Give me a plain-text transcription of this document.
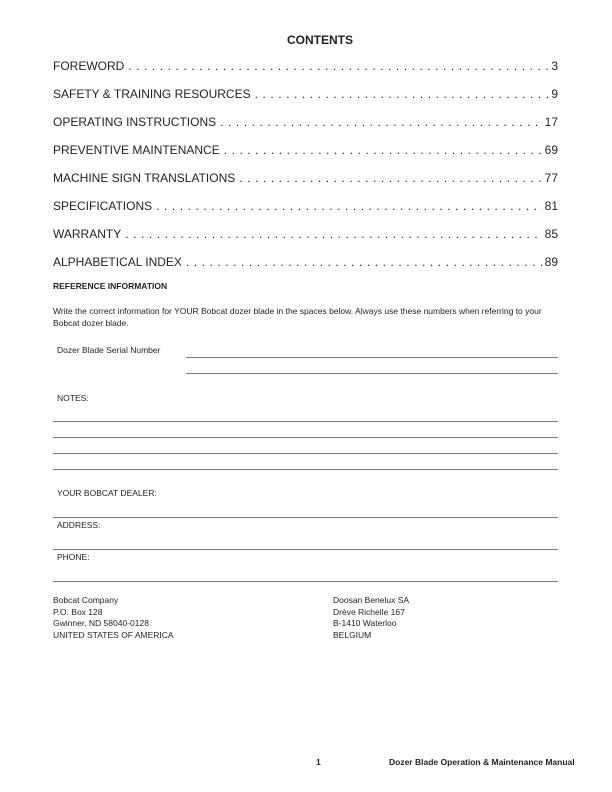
CONTENTS
FOREWORD . . .	3
SAFETY & TRAINING RESOURCES . . .	9
OPERATING INSTRUCTIONS . . .	17
PREVENTIVE MAINTENANCE . . .	69
MACHINE SIGN TRANSLATIONS . . .	77
SPECIFICATIONS . . .	81
WARRANTY . . .	85
ALPHABETICAL INDEX . . .	89
REFERENCE INFORMATION
Write the correct information for YOUR Bobcat dozer blade in the spaces below. Always use these numbers when referring to your Bobcat dozer blade.
Dozer Blade Serial Number
NOTES:
YOUR BOBCAT DEALER:
ADDRESS:
PHONE:
Bobcat Company
P.O. Box 128
Gwinner, ND 58040-0128
UNITED STATES OF AMERICA
Doosan Benelux SA
Drève Richelle 167
B-1410 Waterloo
BELGIUM
1	Dozer Blade Operation & Maintenance Manual
